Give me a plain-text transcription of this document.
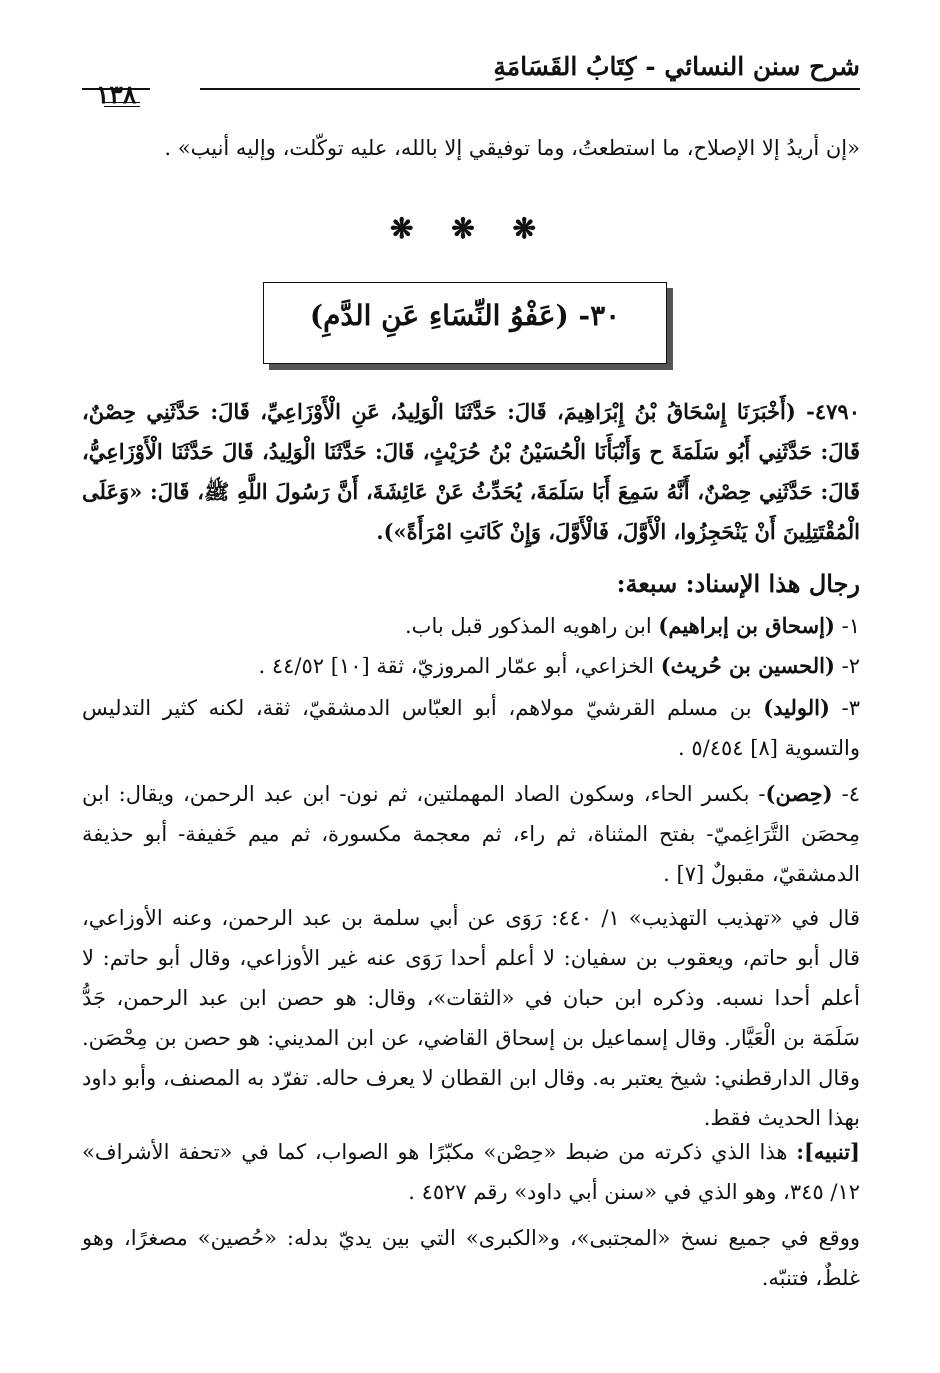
شرح سنن النسائي - كِتَابُ القَسَامَةِ
١٣٨
«إن أريدُ إلا الإصلاح، ما استطعتُ، وما توفيقي إلا بالله، عليه توكّلت، وإليه أنيب» .
❋ ❋ ❋
٣٠- (عَفْوُ النِّسَاءِ عَنِ الدَّمِ)
٤٧٩٠- (أَخْبَرَنَا إِسْحَاقُ بْنُ إِبْرَاهِيمَ، قَالَ: حَدَّثَنَا الْوَلِيدُ، عَنِ الْأَوْزَاعِيِّ، قَالَ: حَدَّثَنِي حِصْنٌ، قَالَ: حَدَّثَنِي أَبُو سَلَمَةَ ح وَأَنْبَأَنَا الْحُسَيْنُ بْنُ حُرَيْثٍ، قَالَ: حَدَّثَنَا الْوَلِيدُ، قَالَ حَدَّثَنَا الْأَوْزَاعِيُّ، قَالَ: حَدَّثَنِي حِصْنٌ، أَنَّهُ سَمِعَ أَبَا سَلَمَةَ، يُحَدِّثُ عَنْ عَائِشَةَ، أَنَّ رَسُولَ اللَّهِ ﷺ، قَالَ: «وَعَلَى الْمُقْتَتِلِينَ أَنْ يَنْحَجِزُوا، الْأَوَّلَ، فَالْأَوَّلَ، وَإِنْ كَانَتِ امْرَأَةً»).
رجال هذا الإسناد: سبعة:
١- (إسحاق بن إبراهيم) ابن راهويه المذكور قبل باب.
٢- (الحسين بن حُريث) الخزاعي، أبو عمّار المروزيّ، ثقة [١٠] ٤٤/٥٢ .
٣- (الوليد) بن مسلم القرشيّ مولاهم، أبو العبّاس الدمشقيّ، ثقة، لكنه كثير التدليس والتسوية [٨] ٥/٤٥٤ .
٤- (حِصن)- بكسر الحاء، وسكون الصاد المهملتين، ثم نون- ابن عبد الرحمن، ويقال: ابن مِحصَن التَّرَاغِميّ- بفتح المثناة، ثم راء، ثم معجمة مكسورة، ثم ميم خَفيفة- أبو حذيفة الدمشقيّ، مقبولٌ [٧] .
قال في «تهذيب التهذيب» ١/ ٤٤٠: رَوَى عن أبي سلمة بن عبد الرحمن، وعنه الأوزاعي، قال أبو حاتم، ويعقوب بن سفيان: لا أعلم أحدا رَوَى عنه غير الأوزاعي، وقال أبو حاتم: لا أعلم أحدا نسبه. وذكره ابن حبان في «الثقات»، وقال: هو حصن ابن عبد الرحمن، جَدُّ سَلَمَة بن الْعَيَّار. وقال إسماعيل بن إسحاق القاضي، عن ابن المديني: هو حصن بن مِحْصَن. وقال الدارقطني: شيخ يعتبر به. وقال ابن القطان لا يعرف حاله. تفرّد به المصنف، وأبو داود بهذا الحديث فقط.
[تنبيه]: هذا الذي ذكرته من ضبط «حِصْن» مكبّرًا هو الصواب، كما في «تحفة الأشراف» ١٢/ ٣٤٥، وهو الذي في «سنن أبي داود» رقم ٤٥٢٧ .
ووقع في جميع نسخ «المجتبى»، و«الكبرى» التي بين يديّ بدله: «حُصين» مصغرًا، وهو غلطٌ، فتنبّه.
